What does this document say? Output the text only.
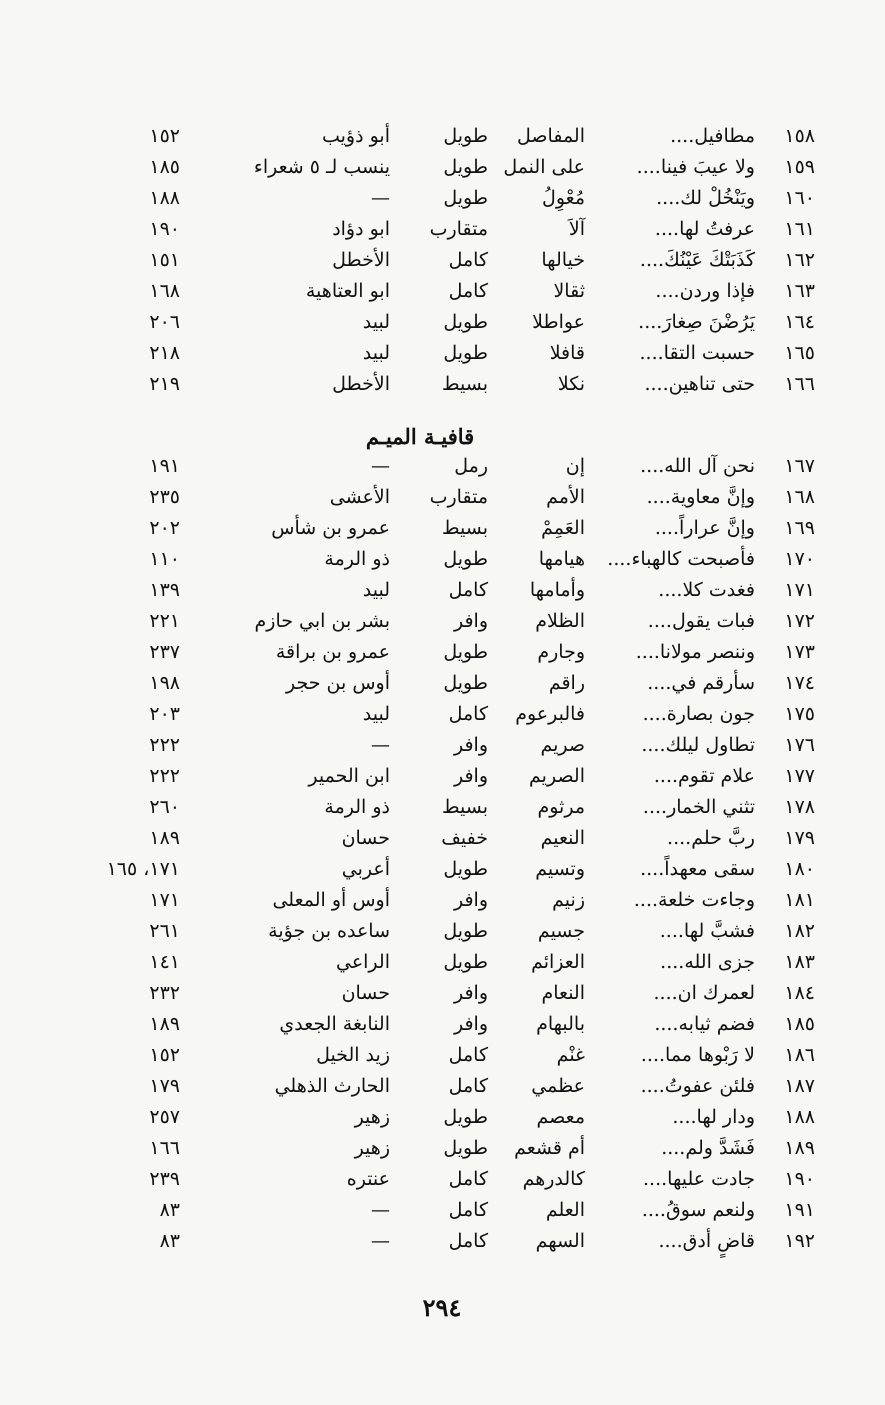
١٥٨
مطافيل....
المفاصل
طويل
أبو ذؤيب
١٥٢
١٥٩
ولا عيبَ فينا....
على النمل
طويل
ينسب لـ ٥ شعراء
١٨٥
١٦٠
ويَنْخُلْ لك....
مُعْوِلُ
طويل
—
١٨٨
١٦١
عرفتُ لها....
آلاَ
متقارب
ابو دؤاد
١٩٠
١٦٢
كَذَبَتْكَ عَيْنُكَ....
خيالها
كامل
الأخطل
١٥١
١٦٣
فإذا وردن....
ثقالا
كامل
ابو العتاهية
١٦٨
١٦٤
يَرُضْنَ صِغارَ....
عواطلا
طويل
لبيد
٢٠٦
١٦٥
حسبت التقا....
قافلا
طويل
لبيد
٢١٨
١٦٦
حتى تناهين....
نكلا
بسيط
الأخطل
٢١٩
قافيـة الميـم
١٦٧
نحن آل الله....
إن
رمل
—
١٩١
١٦٨
وإنَّ معاوية....
الأمم
متقارب
الأعشى
٢٣٥
١٦٩
وإنَّ عراراً....
العَمِمْ
بسيط
عمرو بن شأس
٢٠٢
١٧٠
فأصبحت كالهباء....
هيامها
طويل
ذو الرمة
١١٠
١٧١
فغدت كلا....
وأمامها
كامل
لبيد
١٣٩
١٧٢
فبات يقول....
الظلام
وافر
بشر بن ابي حازم
٢٢١
١٧٣
وننصر مولانا....
وجارم
طويل
عمرو بن براقة
٢٣٧
١٧٤
سأرقم في....
راقم
طويل
أوس بن حجر
١٩٨
١٧٥
جون بصارة....
فالبرعوم
كامل
لبيد
٢٠٣
١٧٦
تطاول ليلك....
صريم
وافر
—
٢٢٢
١٧٧
علام تقوم....
الصريم
وافر
ابن الحمير
٢٢٢
١٧٨
تثني الخمار....
مرثوم
بسيط
ذو الرمة
٢٦٠
١٧٩
ربَّ حلم....
النعيم
خفيف
حسان
١٨٩
١٨٠
سقى معهداً....
وتسيم
طويل
أعربي
١٧١، ١٦٥
١٨١
وجاءت خلعة....
زنيم
وافر
أوس أو المعلى
١٧١
١٨٢
فشبَّ لها....
جسيم
طويل
ساعده بن جؤية
٢٦١
١٨٣
جزى الله....
العزائم
طويل
الراعي
١٤١
١٨٤
لعمرك ان....
النعام
وافر
حسان
٢٣٢
١٨٥
فضم ثيابه....
بالبهام
وافر
النابغة الجعدي
١٨٩
١٨٦
لا رَبْوها مما....
غنْم
كامل
زيد الخيل
١٥٢
١٨٧
فلئن عفوتُ....
عظمي
كامل
الحارث الذهلي
١٧٩
١٨٨
ودار لها....
معصم
طويل
زهير
٢٥٧
١٨٩
فَشَدَّ ولم....
أم قشعم
طويل
زهير
١٦٦
١٩٠
جادت عليها....
كالدرهم
كامل
عنتره
٢٣٩
١٩١
ولنعم سوقُ....
العلم
كامل
—
٨٣
١٩٢
قاضٍ أدق....
السهم
كامل
—
٨٣
٢٩٤
